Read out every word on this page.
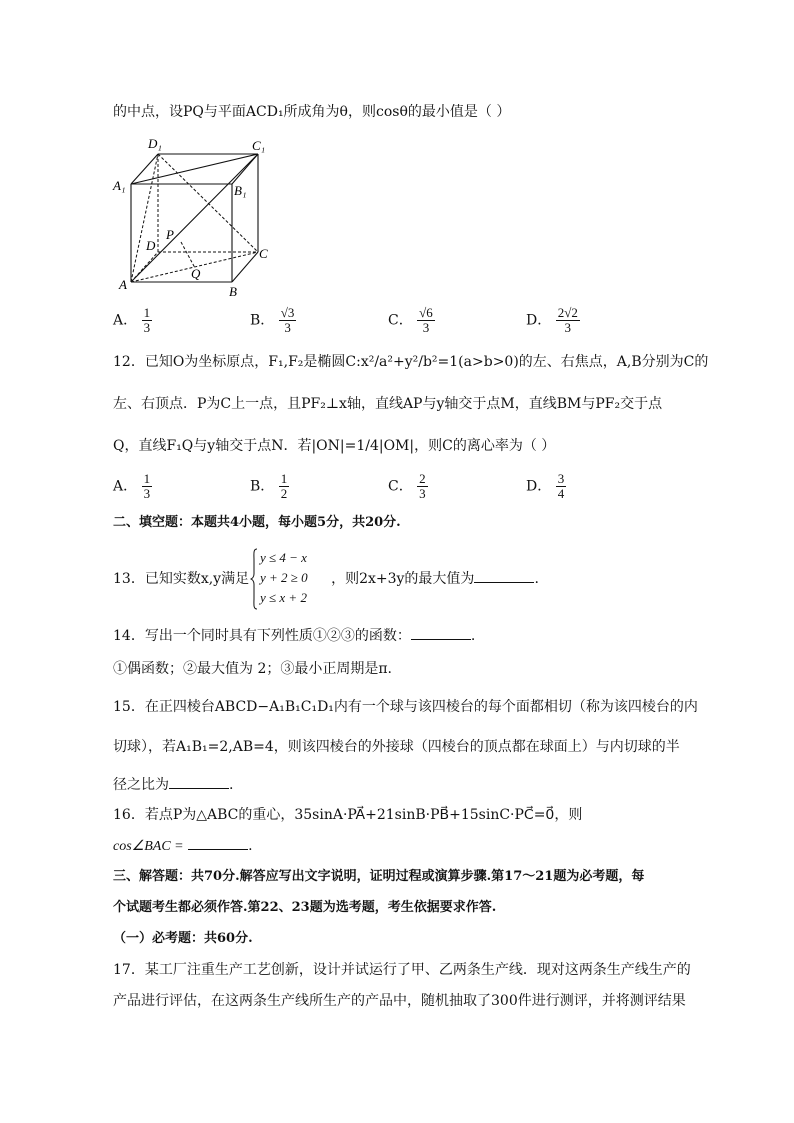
的中点，设PQ与平面ACD₁所成角为θ，则cosθ的最小值是（ ）
D₁	C₁
A₁	B₁
D
P
Q
C
A	B
A． $\frac{1}{3}$	B． $\frac{√3}{3}$	C． $\frac{√6}{3}$	D． $\frac{2√2}{3}$
12．已知O为坐标原点，F₁,F₂是椭圆C:x²/a²+y²/b²=1(a>b>0)的左、右焦点，A,B分别为C的
左、右顶点．P为C上一点，且PF₂⊥x轴，直线AP与y轴交于点M，直线BM与PF₂交于点
Q，直线F₁Q与y轴交于点N．若|ON|=1/4|OM|，则C的离心率为（ ）
A． $\frac{1}{3}$	B． $\frac{1}{2}$	C． $\frac{2}{3}$	D． $\frac{3}{4}$
二、填空题：本题共4小题，每小题5分，共20分.
13．已知实数x,y满足	，则2x+3y的最大值为	.
y ≤ 4 − x
y + 2 ≥ 0
y ≤ x + 2
14．写出一个同时具有下列性质①②③的函数：	.
①偶函数；②最大值为 2；③最小正周期是π.
15．在正四棱台ABCD−A₁B₁C₁D₁内有一个球与该四棱台的每个面都相切（称为该四棱台的内
切球），若A₁B₁=2,AB=4，则该四棱台的外接球（四棱台的顶点都在球面上）与内切球的半
径之比为	.
16．若点P为△ABC的重心，35sinA·PA⃗+21sinB·PB⃗+15sinC·PC⃗=0⃗，则
cos∠BAC =	.
三、解答题：共70分.解答应写出文字说明，证明过程或演算步骤.第17～21题为必考题，每
个试题考生都必须作答.第22、23题为选考题，考生依据要求作答.
（一）必考题：共60分.
17．某工厂注重生产工艺创新，设计并试运行了甲、乙两条生产线．现对这两条生产线生产的
产品进行评估，在这两条生产线所生产的产品中，随机抽取了300件进行测评，并将测评结果
